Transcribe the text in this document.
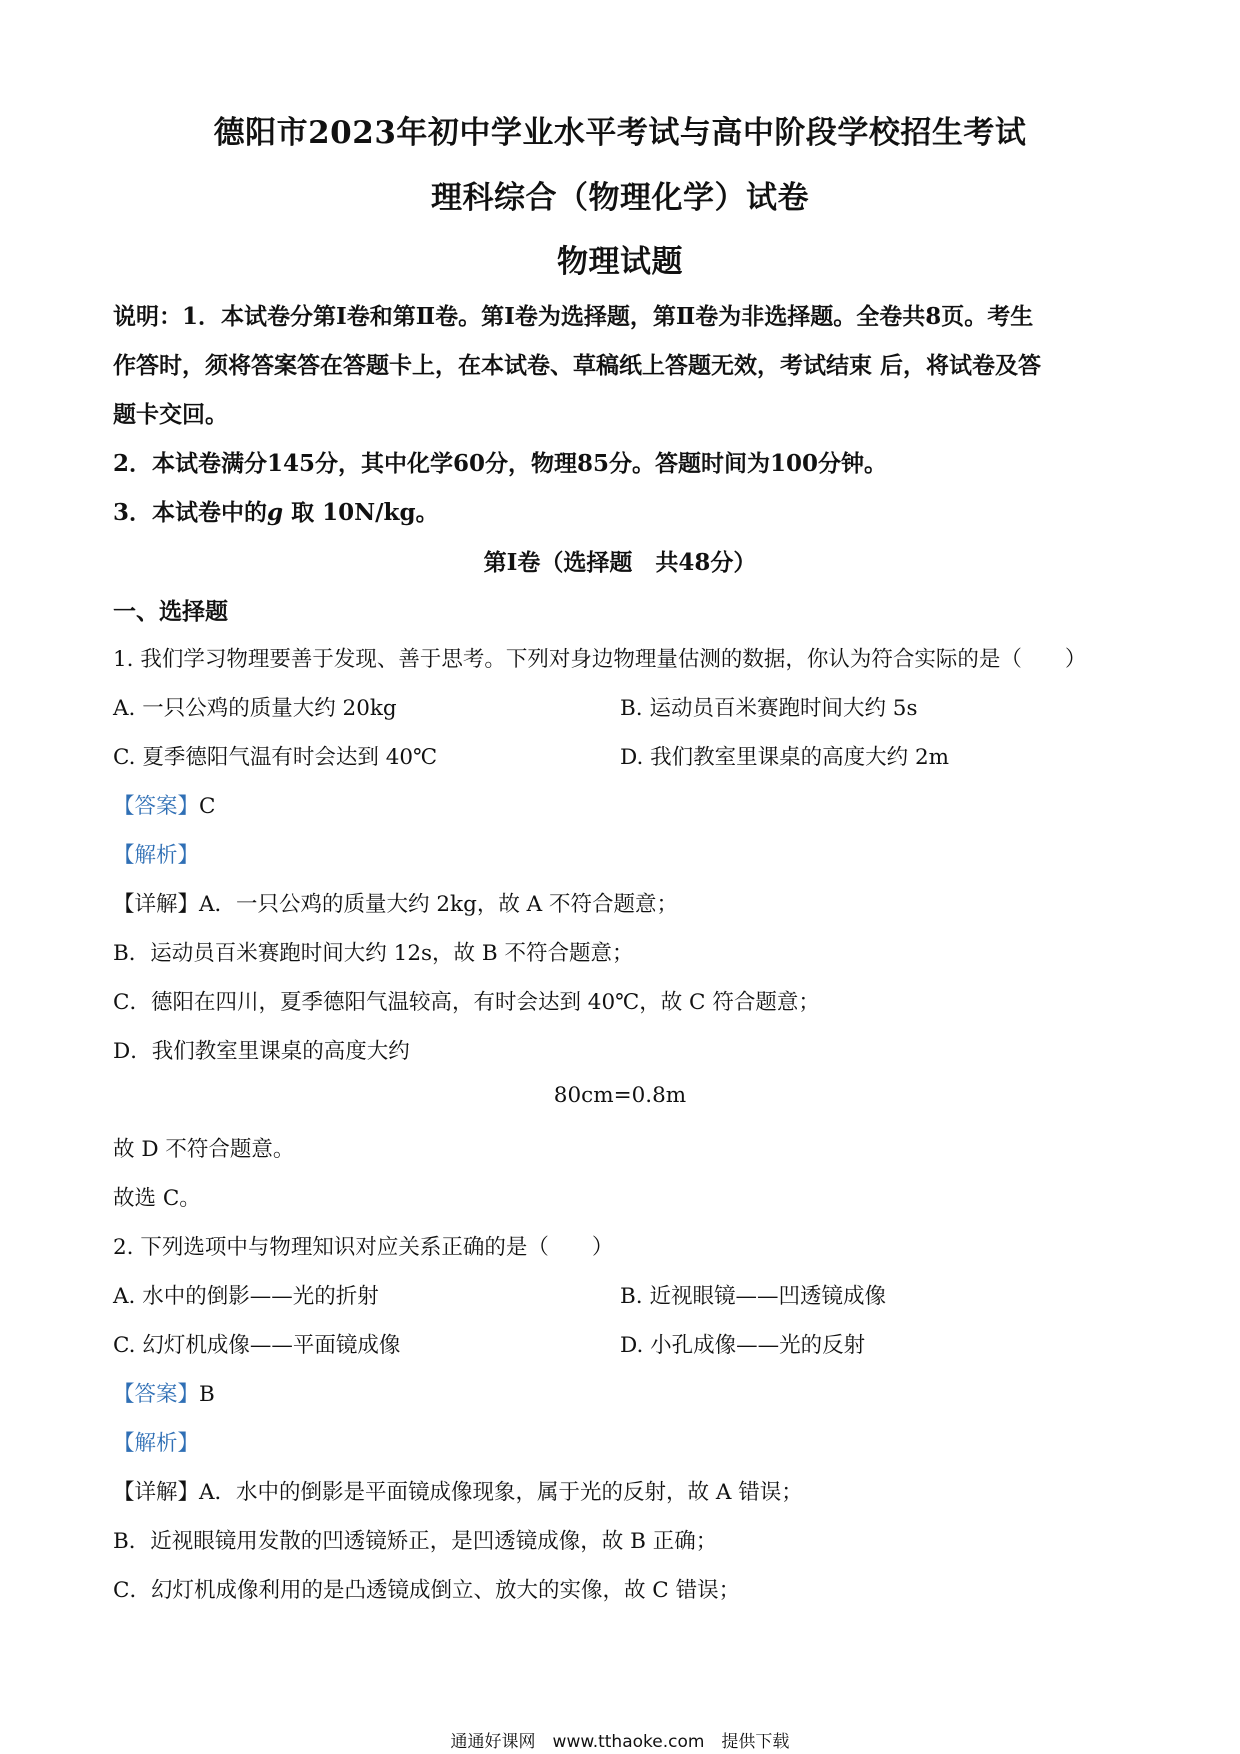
德阳市2023年初中学业水平考试与高中阶段学校招生考试
理科综合（物理化学）试卷
物理试题
说明：1．本试卷分第Ⅰ卷和第Ⅱ卷。第Ⅰ卷为选择题，第Ⅱ卷为非选择题。全卷共8页。考生
作答时，须将答案答在答题卡上，在本试卷、草稿纸上答题无效，考试结束 后，将试卷及答
题卡交回。
2．本试卷满分145分，其中化学60分，物理85分。答题时间为100分钟。
3．本试卷中的g 取 10N/kg。
第Ⅰ卷（选择题　共48分）
一、选择题
1. 我们学习物理要善于发现、善于思考。下列对身边物理量估测的数据，你认为符合实际的是（　　）
A. 一只公鸡的质量大约 20kg	B. 运动员百米赛跑时间大约 5s
C. 夏季德阳气温有时会达到 40℃	D. 我们教室里课桌的高度大约 2m
【答案】C
【解析】
【详解】A．一只公鸡的质量大约 2kg，故 A 不符合题意；
B．运动员百米赛跑时间大约 12s，故 B 不符合题意；
C．德阳在四川，夏季德阳气温较高，有时会达到 40℃，故 C 符合题意；
D．我们教室里课桌的高度大约
80cm=0.8m
故 D 不符合题意。
故选 C。
2. 下列选项中与物理知识对应关系正确的是（　　）
A. 水中的倒影——光的折射	B. 近视眼镜——凹透镜成像
C. 幻灯机成像——平面镜成像	D. 小孔成像——光的反射
【答案】B
【解析】
【详解】A．水中的倒影是平面镜成像现象，属于光的反射，故 A 错误；
B．近视眼镜用发散的凹透镜矫正，是凹透镜成像，故 B 正确；
C．幻灯机成像利用的是凸透镜成倒立、放大的实像，故 C 错误；
通通好课网　www.tthaoke.com　提供下载
